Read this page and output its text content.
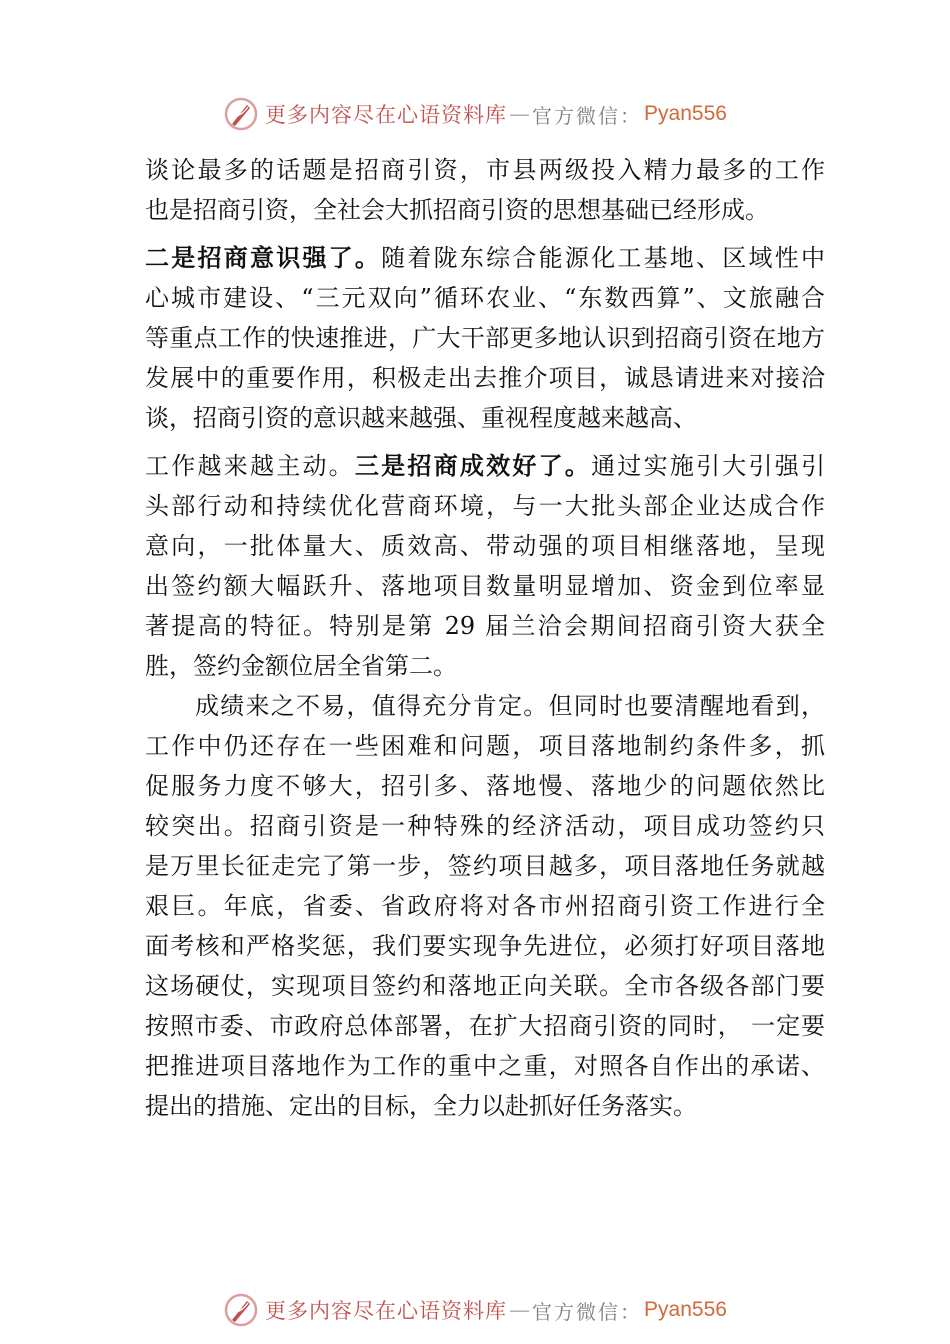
更多内容尽在心语资料库 — 官方微信 ： Pyan556
谈论最多的话题是招商引资，市县两级投入精力最多的工作
也是招商引资，全社会大抓招商引资的思想基础已经形成。
二是招商意识强了。随着陇东综合能源化工基地、区域性中
心城市建设、“三元双向”循环农业、“东数西算”、文旅融合
等重点工作的快速推进，广大干部更多地认识到招商引资在地方
发展中的重要作用，积极走出去推介项目，诚恳请进来对接洽
谈，招商引资的意识越来越强、重视程度越来越高、
工作越来越主动。三是招商成效好了。通过实施引大引强引
头部行动和持续优化营商环境，与一大批头部企业达成合作
意向，一批体量大、质效高、带动强的项目相继落地，呈现
出签约额大幅跃升、落地项目数量明显增加、资金到位率显
著提高的特征。特别是第 29 届兰洽会期间招商引资大获全
胜，签约金额位居全省第二。
成绩来之不易，值得充分肯定。但同时也要清醒地看到，
工作中仍还存在一些困难和问题，项目落地制约条件多，抓
促服务力度不够大，招引多、落地慢、落地少的问题依然比
较突出。招商引资是一种特殊的经济活动，项目成功签约只
是万里长征走完了第一步，签约项目越多，项目落地任务就越
艰巨。年底，省委、省政府将对各市州招商引资工作进行全
面考核和严格奖惩，我们要实现争先进位，必须打好项目落地
这场硬仗，实现项目签约和落地正向关联。全市各级各部门要
按照市委、市政府总体部署，在扩大招商引资的同时， 一定要
把推进项目落地作为工作的重中之重，对照各自作出的承诺、
提出的措施、定出的目标，全力以赴抓好任务落实。
更多内容尽在心语资料库 — 官方微信 ： Pyan556
